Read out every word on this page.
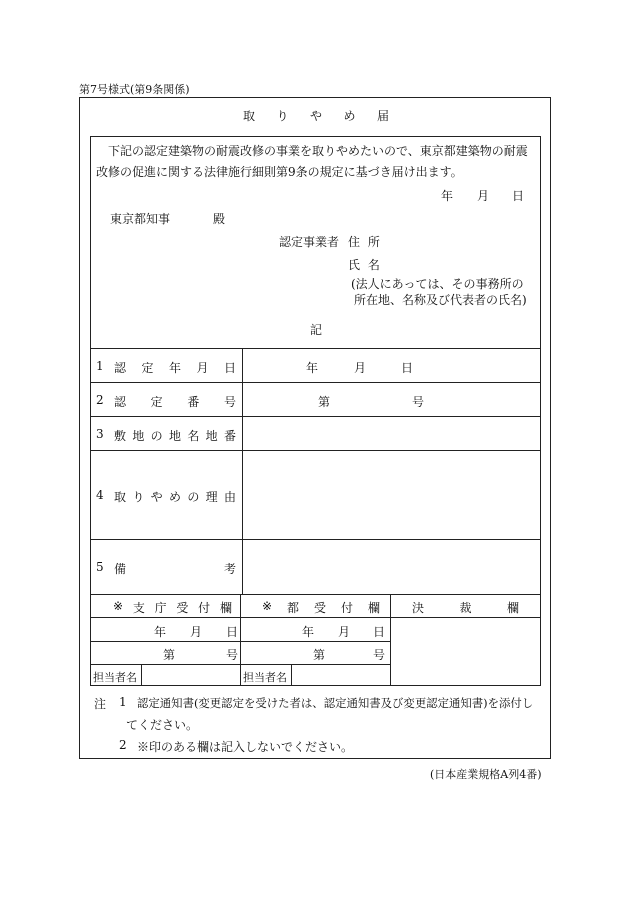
第7号様式(第9条関係)
取 り や め 届
下記の認定建築物の耐震改修の事業を取りやめたいので、東京都建築物の耐震改修の促進に関する法律施行細則第9条の規定に基づき届け出ます。
年 月 日
東京都知事	殿
認定事業者 住 所
氏 名
(法人にあっては、その事務所の
所在地、名称及び代表者の氏名)
記
1 認 定 年 月 日	年	月	日
2 認 定 番 号	第	号
3 敷 地 の 地 名 地 番
4 取 り や め の 理 由
5 備	考
※ 支 庁 受 付 欄	※ 都 受 付 欄	決	裁	欄
年 月 日	年 月 日
第	号	第	号
担当者名	担当者名
注 1 認定通知書(変更認定を受けた者は、認定通知書及び変更認定通知書)を添付し
てください。
2 ※印のある欄は記入しないでください。
(日本産業規格A列4番)
